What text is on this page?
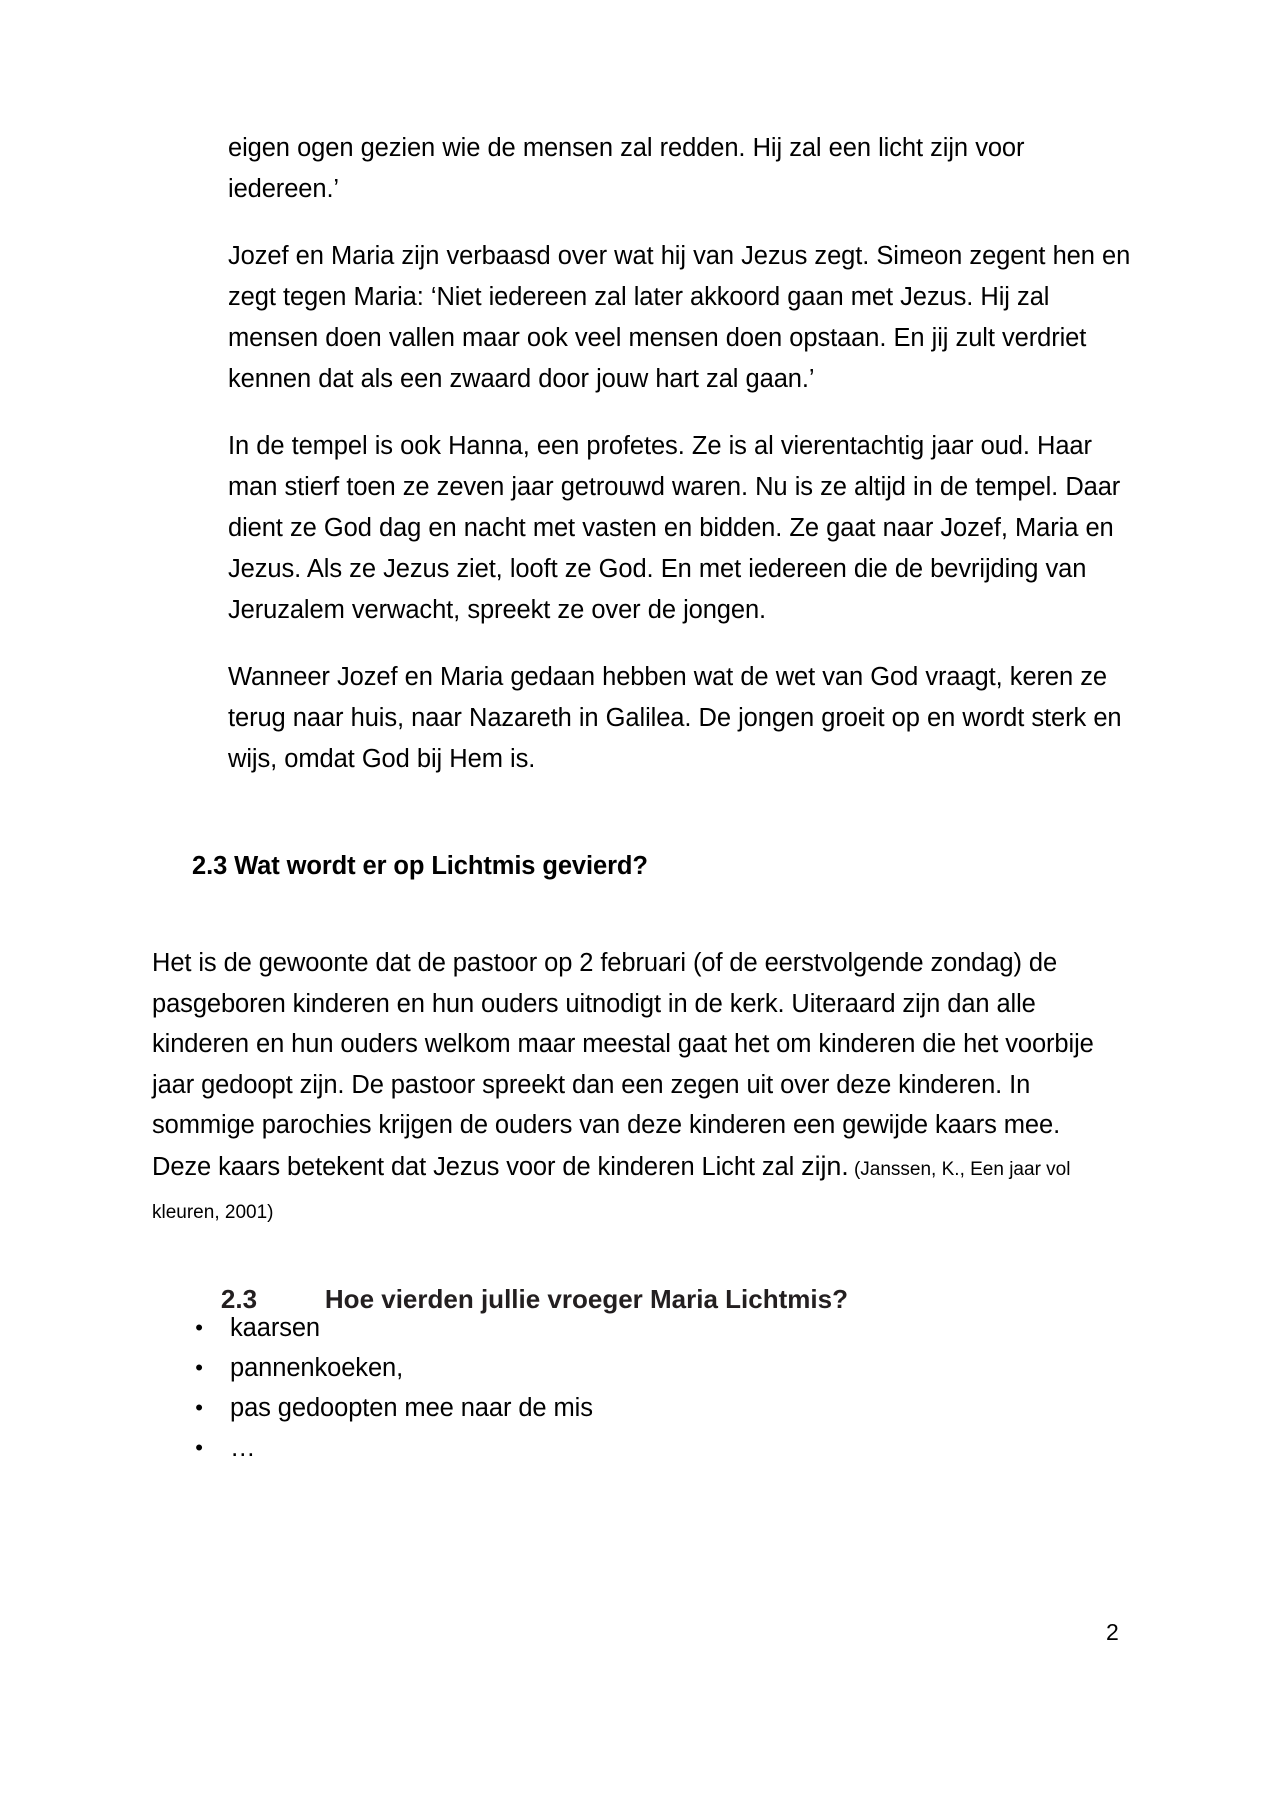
eigen ogen gezien wie de mensen zal redden. Hij zal een licht zijn voor iedereen.’

Jozef en Maria zijn verbaasd over wat hij van Jezus zegt. Simeon zegent hen en zegt tegen Maria: ‘Niet iedereen zal later akkoord gaan met Jezus. Hij zal mensen doen vallen maar ook veel mensen doen opstaan. En jij zult verdriet kennen dat als een zwaard door jouw hart zal gaan.’

In de tempel is ook Hanna, een profetes. Ze is al vierentachtig jaar oud. Haar man stierf toen ze zeven jaar getrouwd waren. Nu is ze altijd in de tempel. Daar dient ze God dag en nacht met vasten en bidden. Ze gaat naar Jozef, Maria en Jezus. Als ze Jezus ziet, looft ze God. En met iedereen die de bevrijding van Jeruzalem verwacht, spreekt ze over de jongen.

Wanneer Jozef en Maria gedaan hebben wat de wet van God vraagt, keren ze terug naar huis, naar Nazareth in Galilea. De jongen groeit op en wordt sterk en wijs, omdat God bij Hem is.

2.3 Wat wordt er op Lichtmis gevierd?

Het is de gewoonte dat de pastoor op 2 februari (of de eerstvolgende zondag) de pasgeboren kinderen en hun ouders uitnodigt in de kerk. Uiteraard zijn dan alle kinderen en hun ouders welkom maar meestal gaat het om kinderen die het voorbije jaar gedoopt zijn. De pastoor spreekt dan een zegen uit over deze kinderen. In sommige parochies krijgen de ouders van deze kinderen een gewijde kaars mee. Deze kaars betekent dat Jezus voor de kinderen Licht zal zijn. (Janssen, K., Een jaar vol kleuren, 2001)

2.3	Hoe vierden jullie vroeger Maria Lichtmis?

• kaarsen
• pannenkoeken,
• pas gedoopten mee naar de mis
• …
2
